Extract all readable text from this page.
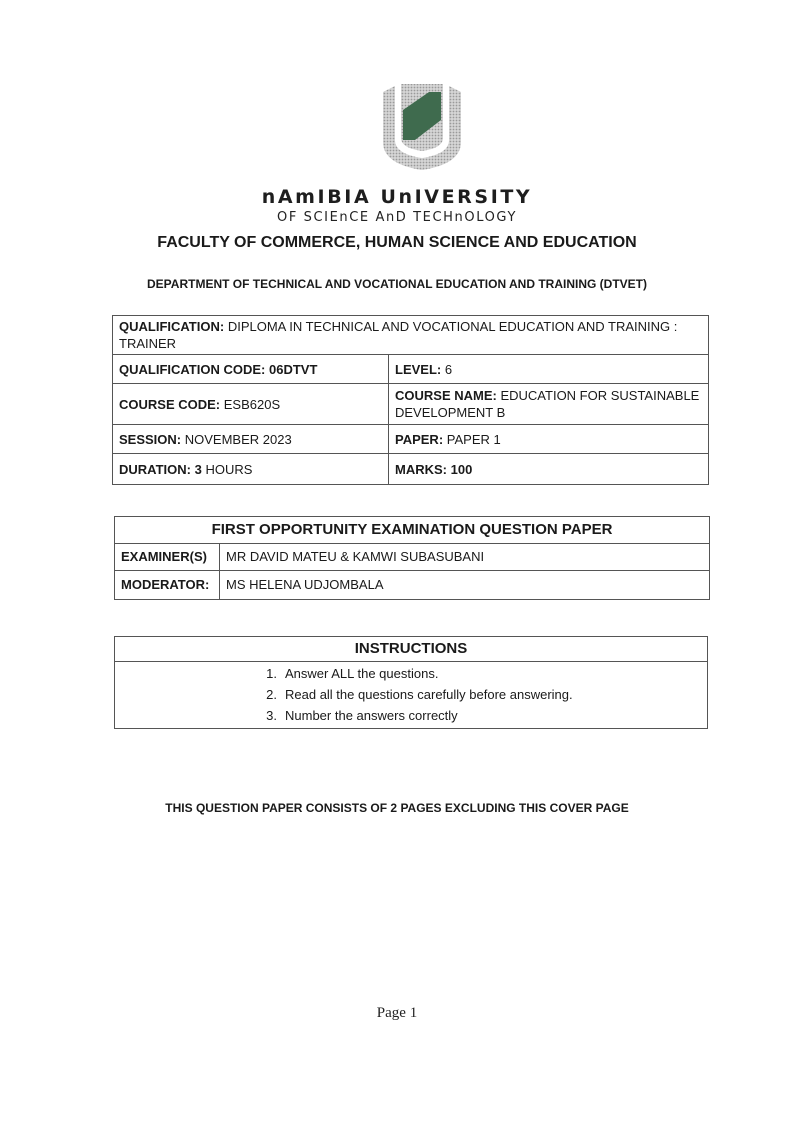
nAmIBIA UnIVERSITY
OF SCIEnCE AnD TECHnOLOGY
FACULTY OF COMMERCE, HUMAN SCIENCE AND EDUCATION
DEPARTMENT OF TECHNICAL AND VOCATIONAL EDUCATION AND TRAINING (DTVET)
QUALIFICATION: DIPLOMA IN TECHNICAL AND VOCATIONAL EDUCATION AND TRAINING : TRAINER	
QUALIFICATION CODE: 06DTVT	LEVEL: 6
COURSE CODE: ESB620S	COURSE NAME: EDUCATION FOR SUSTAINABLE DEVELOPMENT B
SESSION: NOVEMBER 2023	PAPER: PAPER 1
DURATION: 3 HOURS	MARKS: 100
FIRST OPPORTUNITY EXAMINATION QUESTION PAPER	
EXAMINER(S)	MR DAVID MATEU & KAMWI SUBASUBANI
MODERATOR:	MS HELENA UDJOMBALA
INSTRUCTIONS

1. Answer ALL the questions.
2. Read all the questions carefully before answering.
3. Number the answers correctly
THIS QUESTION PAPER CONSISTS OF 2 PAGES EXCLUDING THIS COVER PAGE
Page 1
